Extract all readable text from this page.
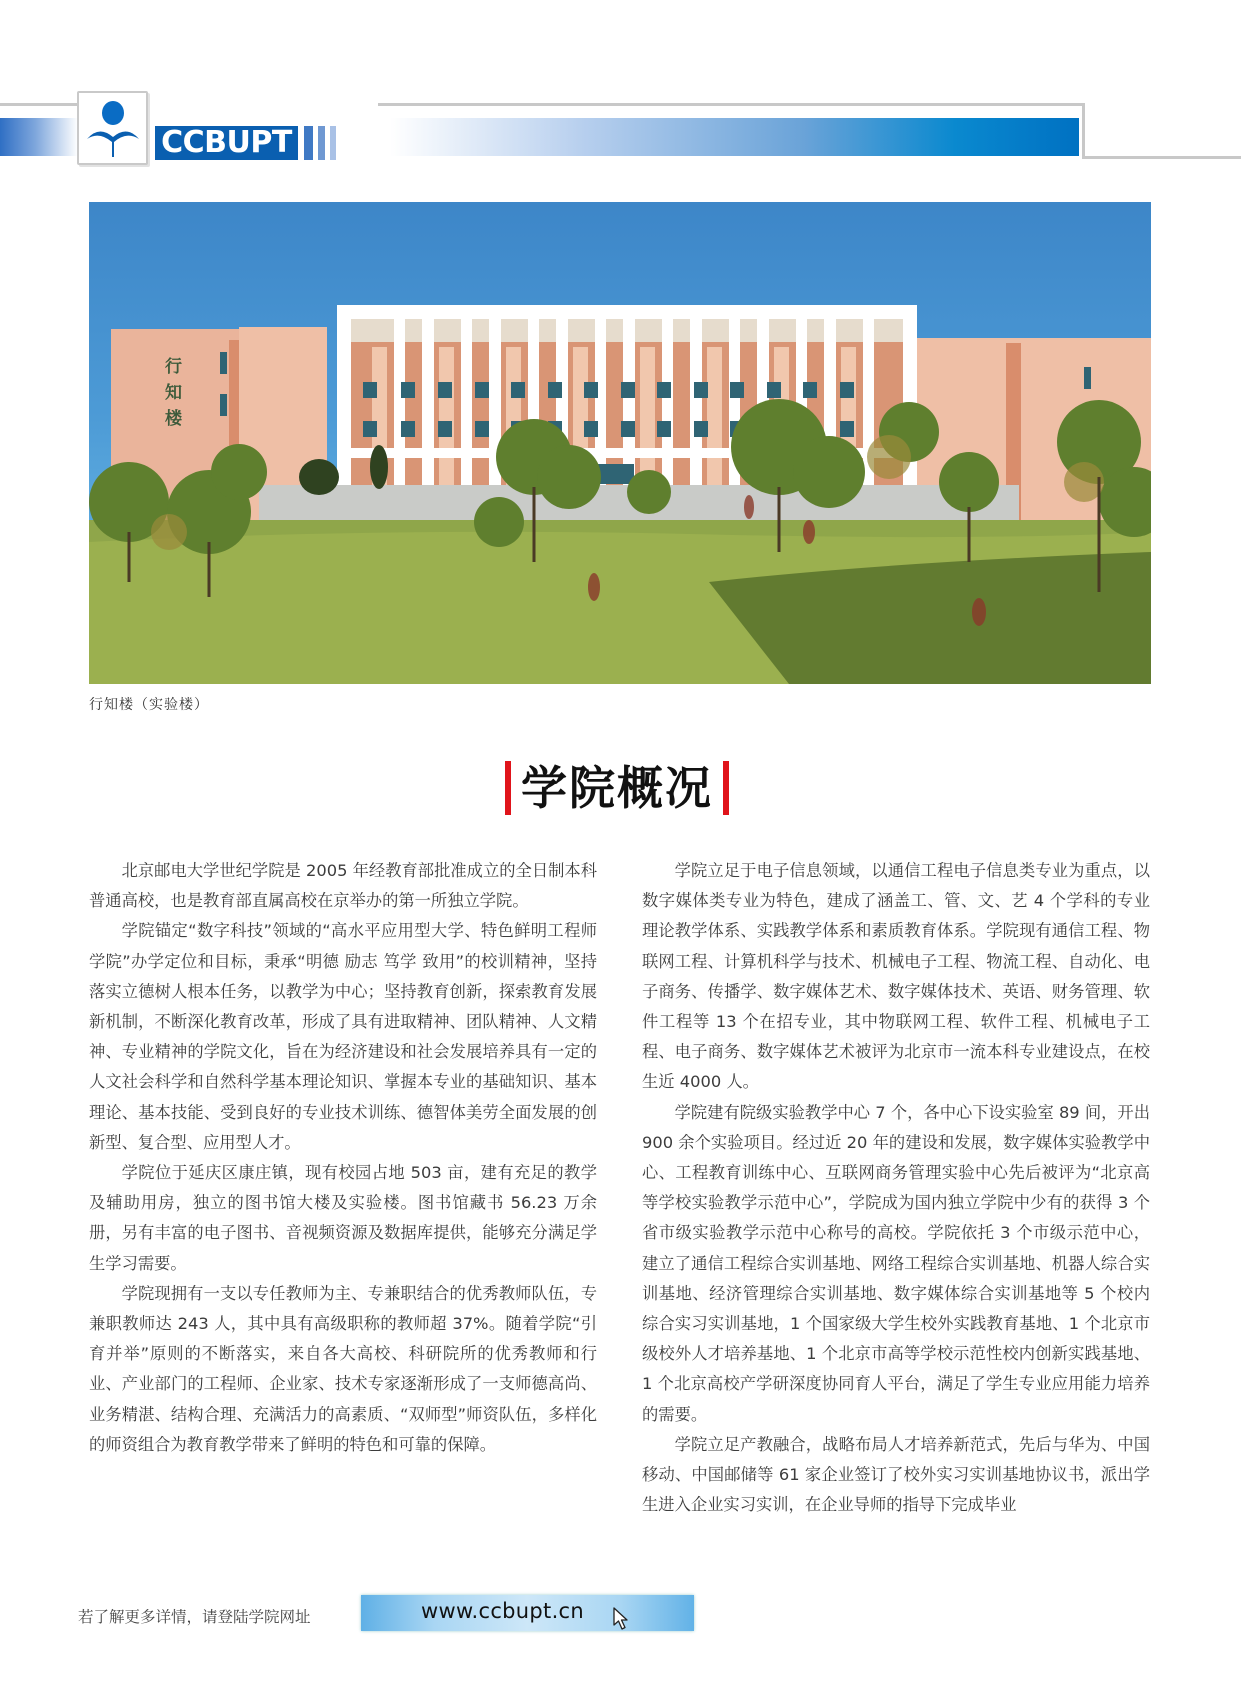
CCBUPT
行
知
楼
行知楼（实验楼）
学院概况

北京邮电大学世纪学院是 2005 年经教育部批准成立的全日制本科普通高校，也是教育部直属高校在京举办的第一所独立学院。

学院锚定“数字科技”领域的“高水平应用型大学、特色鲜明工程师学院”办学定位和目标，秉承“明德 励志 笃学 致用”的校训精神，坚持落实立德树人根本任务，以教学为中心；坚持教育创新，探索教育发展新机制，不断深化教育改革，形成了具有进取精神、团队精神、人文精神、专业精神的学院文化，旨在为经济建设和社会发展培养具有一定的人文社会科学和自然科学基本理论知识、掌握本专业的基础知识、基本理论、基本技能、受到良好的专业技术训练、德智体美劳全面发展的创新型、复合型、应用型人才。

学院位于延庆区康庄镇，现有校园占地 503 亩，建有充足的教学及辅助用房，独立的图书馆大楼及实验楼。图书馆藏书 56.23 万余册，另有丰富的电子图书、音视频资源及数据库提供，能够充分满足学生学习需要。

学院现拥有一支以专任教师为主、专兼职结合的优秀教师队伍，专兼职教师达 243 人，其中具有高级职称的教师超 37%。随着学院“引育并举”原则的不断落实，来自各大高校、科研院所的优秀教师和行业、产业部门的工程师、企业家、技术专家逐渐形成了一支师德高尚、业务精湛、结构合理、充满活力的高素质、“双师型”师资队伍，多样化的师资组合为教育教学带来了鲜明的特色和可靠的保障。

学院立足于电子信息领域，以通信工程电子信息类专业为重点，以数字媒体类专业为特色，建成了涵盖工、管、文、艺 4 个学科的专业理论教学体系、实践教学体系和素质教育体系。学院现有通信工程、物联网工程、计算机科学与技术、机械电子工程、物流工程、自动化、电子商务、传播学、数字媒体艺术、数字媒体技术、英语、财务管理、软件工程等 13 个在招专业，其中物联网工程、软件工程、机械电子工程、电子商务、数字媒体艺术被评为北京市一流本科专业建设点，在校生近 4000 人。

学院建有院级实验教学中心 7 个，各中心下设实验室 89 间，开出 900 余个实验项目。经过近 20 年的建设和发展，数字媒体实验教学中心、工程教育训练中心、互联网商务管理实验中心先后被评为“北京高等学校实验教学示范中心”，学院成为国内独立学院中少有的获得 3 个省市级实验教学示范中心称号的高校。学院依托 3 个市级示范中心，建立了通信工程综合实训基地、网络工程综合实训基地、机器人综合实训基地、经济管理综合实训基地、数字媒体综合实训基地等 5 个校内综合实习实训基地，1 个国家级大学生校外实践教育基地、1 个北京市级校外人才培养基地、1 个北京市高等学校示范性校内创新实践基地、1 个北京高校产学研深度协同育人平台，满足了学生专业应用能力培养的需要。

学院立足产教融合，战略布局人才培养新范式，先后与华为、中国移动、中国邮储等 61 家企业签订了校外实习实训基地协议书，派出学生进入企业实习实训，在企业导师的指导下完成毕业

若了解更多详情，请登陆学院网址	www.ccbupt.cn
